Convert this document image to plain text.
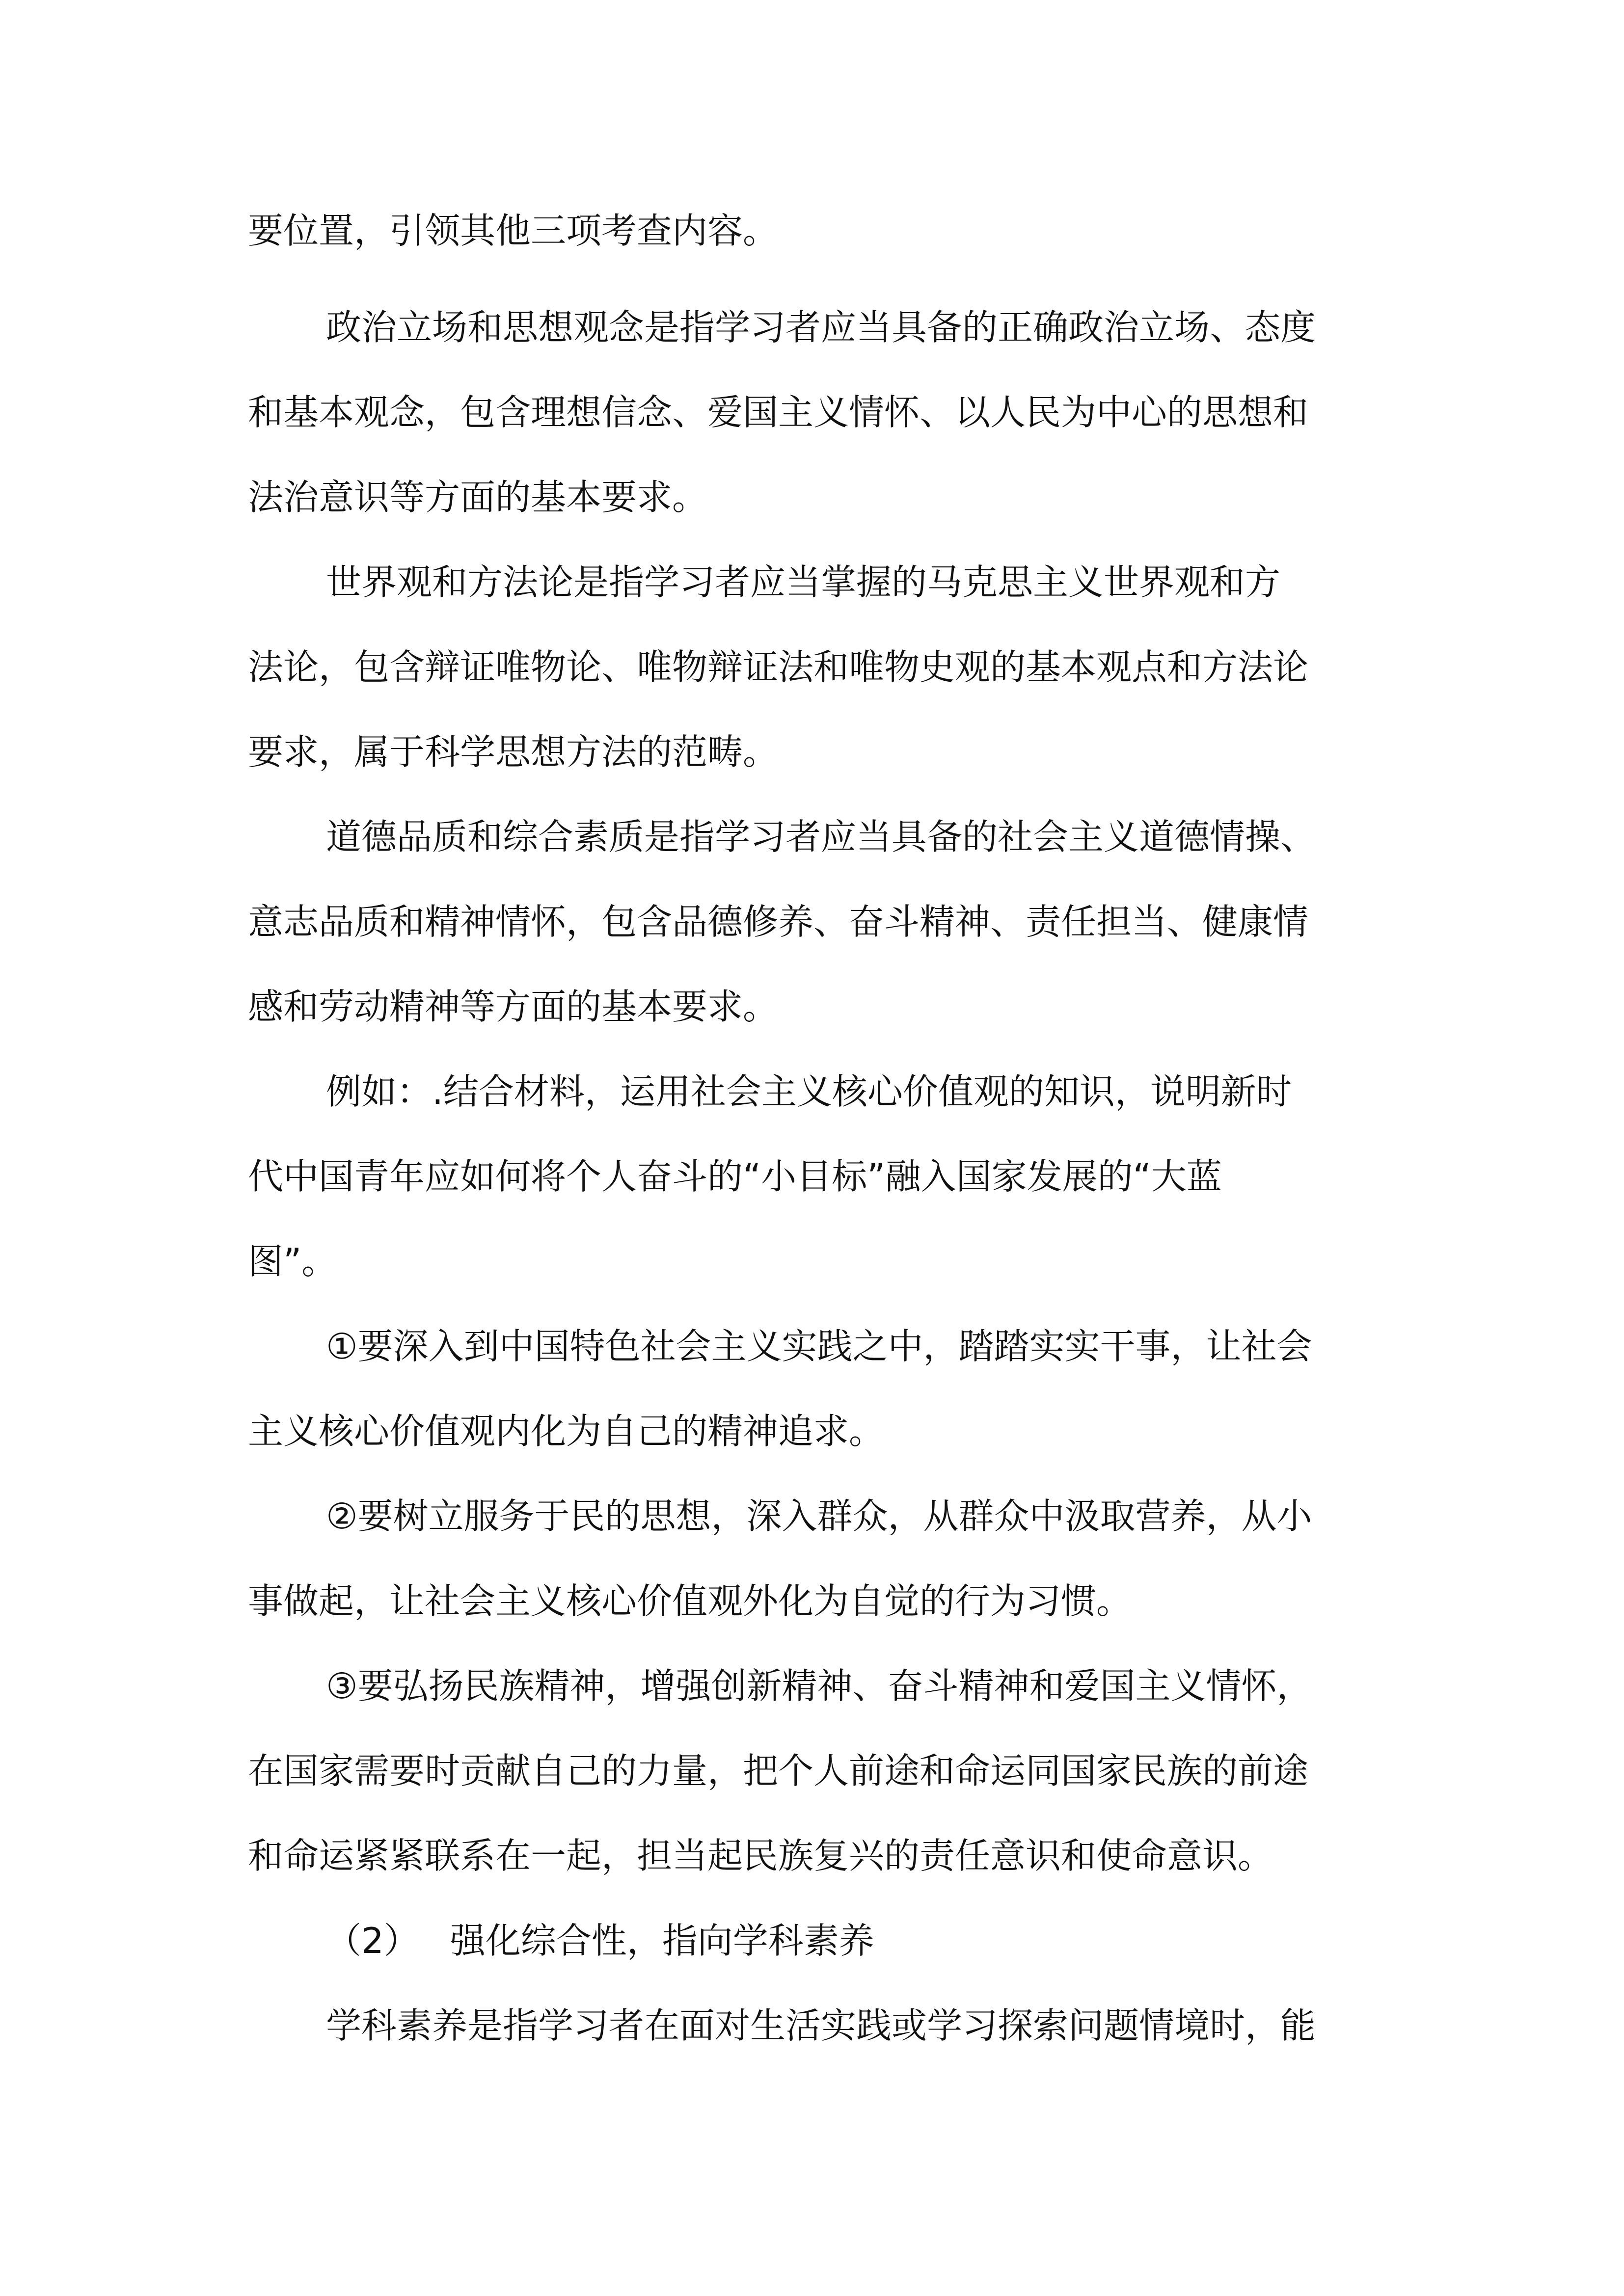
要位置，引领其他三项考查内容。

政治立场和思想观念是指学习者应当具备的正确政治立场、态度

和基本观念，包含理想信念、爱国主义情怀、以人民为中心的思想和

法治意识等方面的基本要求。

世界观和方法论是指学习者应当掌握的马克思主义世界观和方

法论，包含辩证唯物论、唯物辩证法和唯物史观的基本观点和方法论

要求，属于科学思想方法的范畴。

道德品质和综合素质是指学习者应当具备的社会主义道德情操、

意志品质和精神情怀，包含品德修养、奋斗精神、责任担当、健康情

感和劳动精神等方面的基本要求。

例如：.结合材料，运用社会主义核心价值观的知识，说明新时

代中国青年应如何将个人奋斗的“小目标”融入国家发展的“大蓝

图”。

①要深入到中国特色社会主义实践之中，踏踏实实干事，让社会

主义核心价值观内化为自己的精神追求。

②要树立服务于民的思想，深入群众，从群众中汲取营养，从小

事做起，让社会主义核心价值观外化为自觉的行为习惯。

③要弘扬民族精神，增强创新精神、奋斗精神和爱国主义情怀，

在国家需要时贡献自己的力量，把个人前途和命运同国家民族的前途

和命运紧紧联系在一起，担当起民族复兴的责任意识和使命意识。

（2） 强化综合性，指向学科素养

学科素养是指学习者在面对生活实践或学习探索问题情境时，能
